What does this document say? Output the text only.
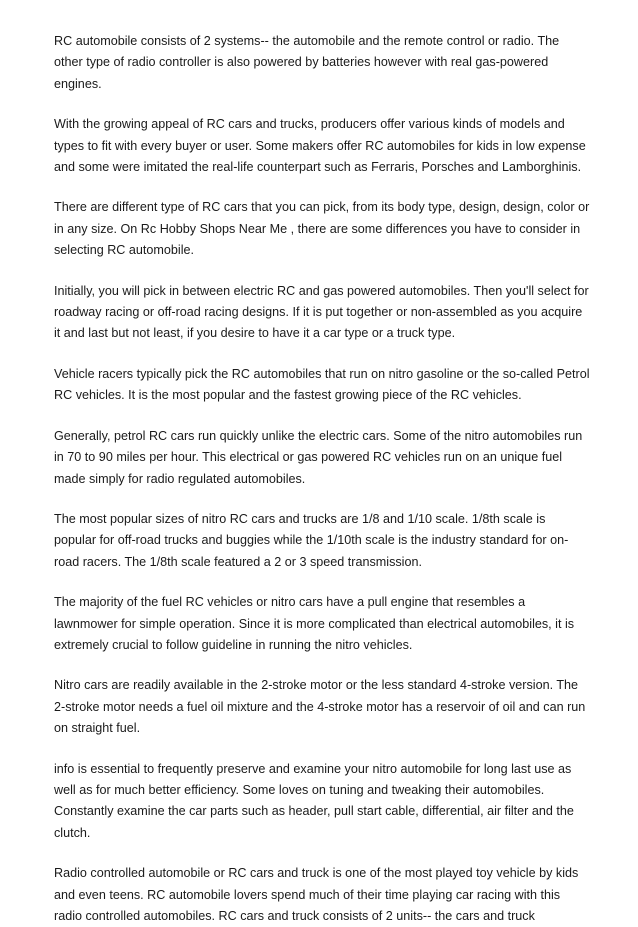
RC automobile consists of 2 systems-- the automobile and the remote control or radio. The other type of radio controller is also powered by batteries however with real gas-powered engines.

With the growing appeal of RC cars and trucks, producers offer various kinds of models and types to fit with every buyer or user. Some makers offer RC automobiles for kids in low expense and some were imitated the real-life counterpart such as Ferraris, Porsches and Lamborghinis.

There are different type of RC cars that you can pick, from its body type, design, design, color or in any size. On Rc Hobby Shops Near Me , there are some differences you have to consider in selecting RC automobile.

Initially, you will pick in between electric RC and gas powered automobiles. Then you'll select for roadway racing or off-road racing designs. If it is put together or non-assembled as you acquire it and last but not least, if you desire to have it a car type or a truck type.

Vehicle racers typically pick the RC automobiles that run on nitro gasoline or the so-called Petrol RC vehicles. It is the most popular and the fastest growing piece of the RC vehicles.

Generally, petrol RC cars run quickly unlike the electric cars. Some of the nitro automobiles run in 70 to 90 miles per hour. This electrical or gas powered RC vehicles run on an unique fuel made simply for radio regulated automobiles.

The most popular sizes of nitro RC cars and trucks are 1/8 and 1/10 scale. 1/8th scale is popular for off-road trucks and buggies while the 1/10th scale is the industry standard for on-road racers. The 1/8th scale featured a 2 or 3 speed transmission.

The majority of the fuel RC vehicles or nitro cars have a pull engine that resembles a lawnmower for simple operation. Since it is more complicated than electrical automobiles, it is extremely crucial to follow guideline in running the nitro vehicles.

Nitro cars are readily available in the 2-stroke motor or the less standard 4-stroke version. The 2-stroke motor needs a fuel oil mixture and the 4-stroke motor has a reservoir of oil and can run on straight fuel.

info is essential to frequently preserve and examine your nitro automobile for long last use as well as for much better efficiency. Some loves on tuning and tweaking their automobiles. Constantly examine the car parts such as header, pull start cable, differential, air filter and the clutch.

Radio controlled automobile or RC cars and truck is one of the most played toy vehicle by kids and even teens. RC automobile lovers spend much of their time playing car racing with this radio controlled automobiles. RC cars and truck consists of 2 units-- the cars and truck
